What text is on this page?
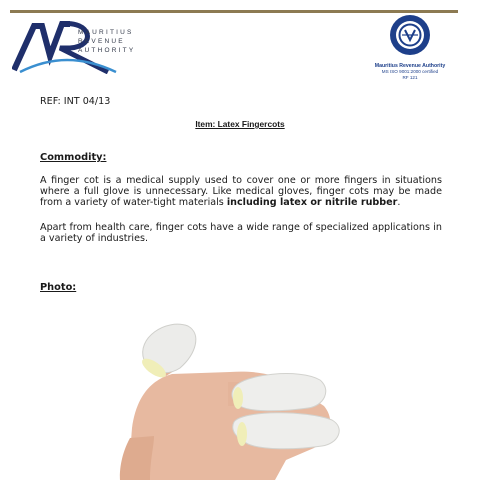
MAURITIUS
REVENUE
AUTHORITY
Mauritius Revenue Authority
MS ISO 9001:2000 certified
RF 121
REF: INT 04/13
Item: Latex Fingercots
Commodity:
A finger cot is a medical supply used to cover one or more fingers in situations where a full glove is unnecessary. Like medical gloves, finger cots may be made from a variety of water-tight materials including latex or nitrile rubber.
Apart from health care, finger cots have a wide range of specialized applications in a variety of industries.
Photo:
